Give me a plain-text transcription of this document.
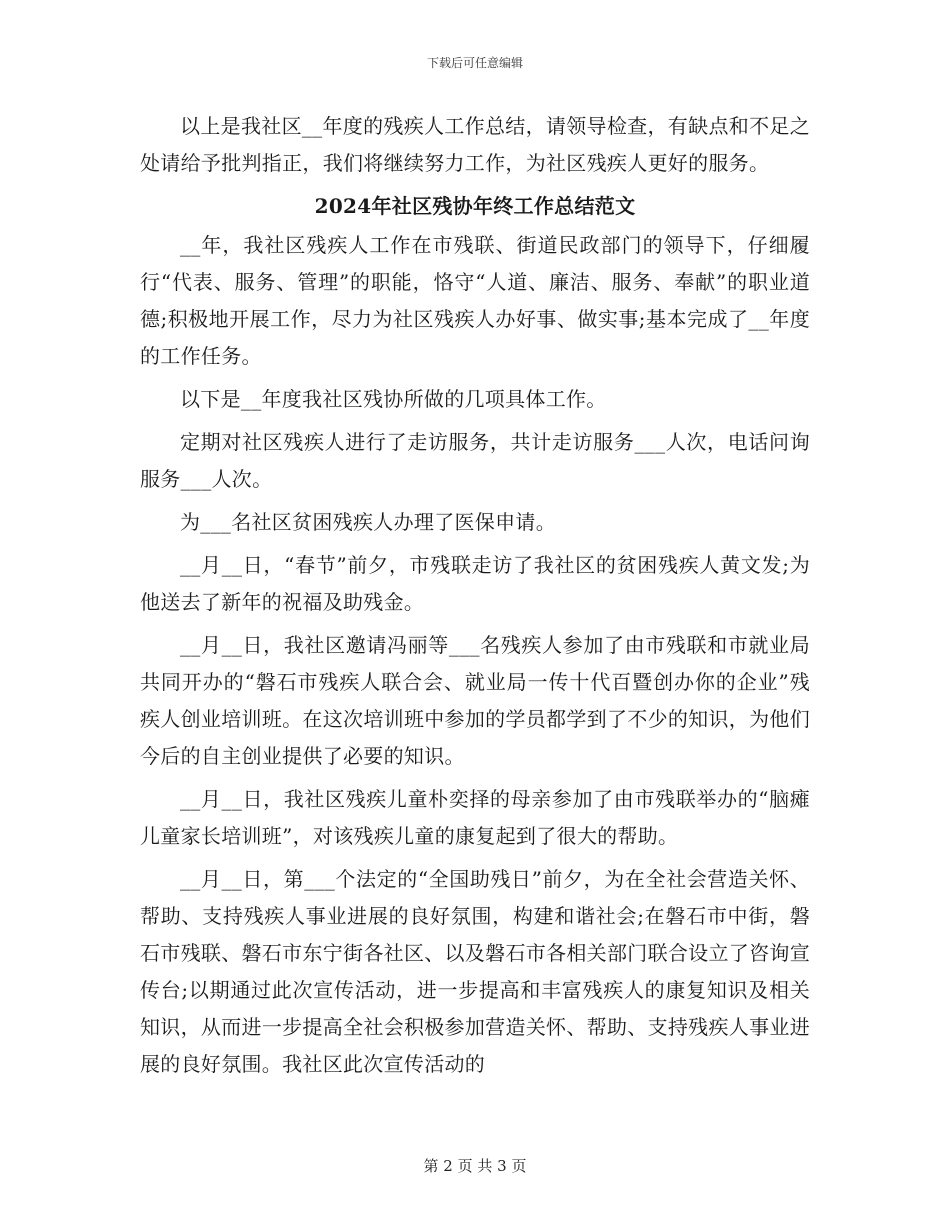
下载后可任意编辑

以上是我社区__年度的残疾人工作总结，请领导检查，有缺点和不足之处请给予批判指正，我们将继续努力工作，为社区残疾人更好的服务。

2024年社区残协年终工作总结范文

__年，我社区残疾人工作在市残联、街道民政部门的领导下，仔细履行“代表、服务、管理”的职能，恪守“人道、廉洁、服务、奉献”的职业道德;积极地开展工作，尽力为社区残疾人办好事、做实事;基本完成了__年度的工作任务。

以下是__年度我社区残协所做的几项具体工作。

定期对社区残疾人进行了走访服务，共计走访服务___人次，电话问询服务___人次。

为___名社区贫困残疾人办理了医保申请。

__月__日，“春节”前夕，市残联走访了我社区的贫困残疾人黄文发;为他送去了新年的祝福及助残金。

__月__日，我社区邀请冯丽等___名残疾人参加了由市残联和市就业局共同开办的“磐石市残疾人联合会、就业局一传十代百暨创办你的企业”残疾人创业培训班。在这次培训班中参加的学员都学到了不少的知识，为他们今后的自主创业提供了必要的知识。

__月__日，我社区残疾儿童朴奕择的母亲参加了由市残联举办的“脑瘫儿童家长培训班”，对该残疾儿童的康复起到了很大的帮助。

__月__日，第___个法定的“全国助残日”前夕，为在全社会营造关怀、帮助、支持残疾人事业进展的良好氛围，构建和谐社会;在磐石市中街，磐石市残联、磐石市东宁街各社区、以及磐石市各相关部门联合设立了咨询宣传台;以期通过此次宣传活动，进一步提高和丰富残疾人的康复知识及相关知识，从而进一步提高全社会积极参加营造关怀、帮助、支持残疾人事业进展的良好氛围。我社区此次宣传活动的

第 2 页 共 3 页
